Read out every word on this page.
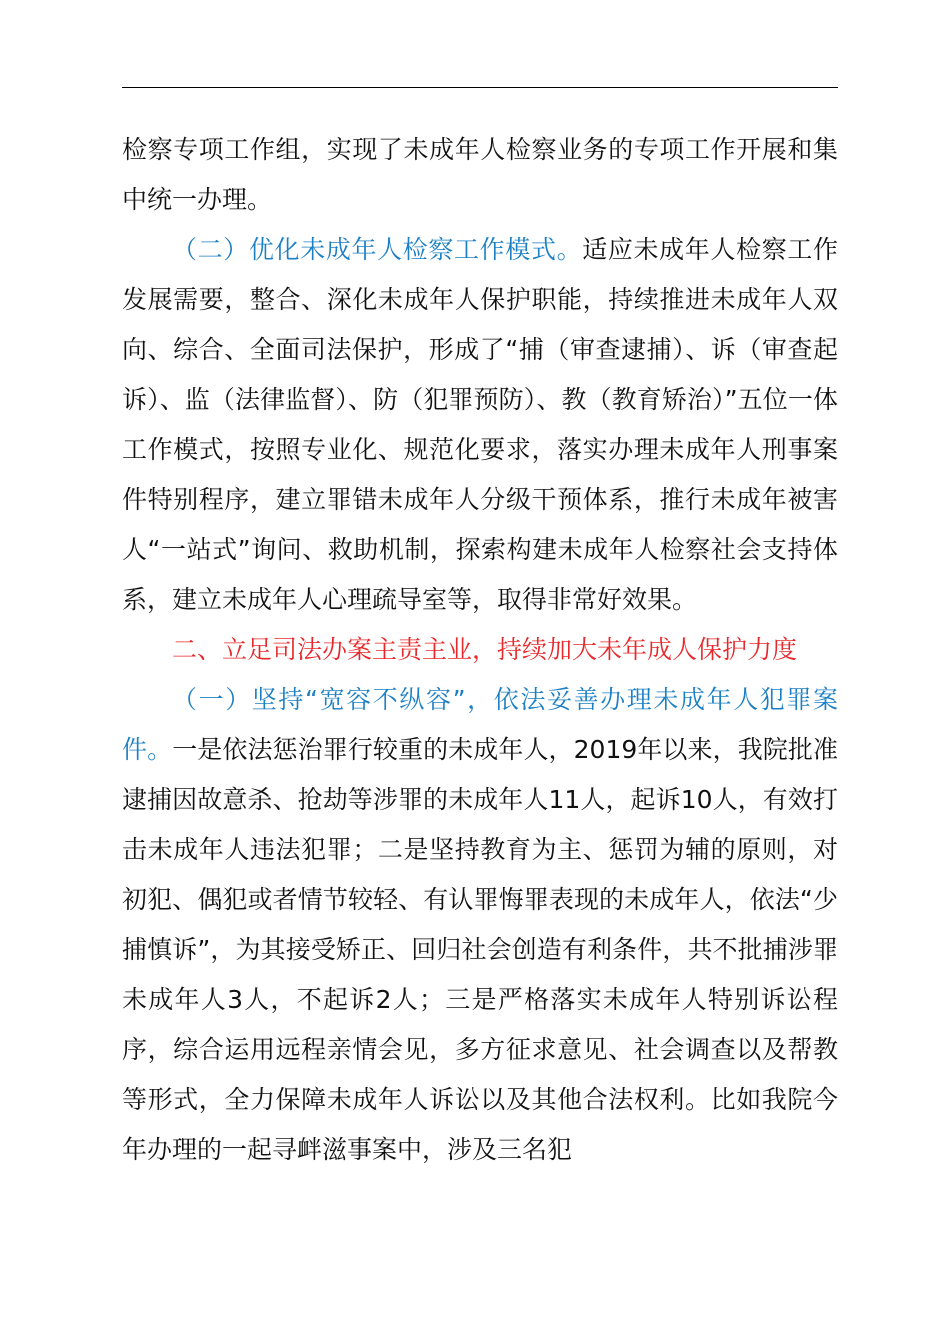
检察专项工作组，实现了未成年人检察业务的专项工作开展和集中统一办理。

（二）优化未成年人检察工作模式。适应未成年人检察工作发展需要，整合、深化未成年人保护职能，持续推进未成年人双向、综合、全面司法保护，形成了“捕（审查逮捕）、诉（审查起诉）、监（法律监督）、防（犯罪预防）、教（教育矫治）”五位一体工作模式，按照专业化、规范化要求，落实办理未成年人刑事案件特别程序，建立罪错未成年人分级干预体系，推行未成年被害人“一站式”询问、救助机制，探索构建未成年人检察社会支持体系，建立未成年人心理疏导室等，取得非常好效果。

二、立足司法办案主责主业，持续加大未年成人保护力度

（一）坚持“宽容不纵容”，依法妥善办理未成年人犯罪案件。一是依法惩治罪行较重的未成年人，2019年以来，我院批准逮捕因故意杀、抢劫等涉罪的未成年人11人，起诉10人，有效打击未成年人违法犯罪；二是坚持教育为主、惩罚为辅的原则，对初犯、偶犯或者情节较轻、有认罪悔罪表现的未成年人，依法“少捕慎诉”，为其接受矫正、回归社会创造有利条件，共不批捕涉罪未成年人3人，不起诉2人；三是严格落实未成年人特别诉讼程序，综合运用远程亲情会见，多方征求意见、社会调查以及帮教等形式，全力保障未成年人诉讼以及其他合法权利。比如我院今年办理的一起寻衅滋事案中，涉及三名犯
